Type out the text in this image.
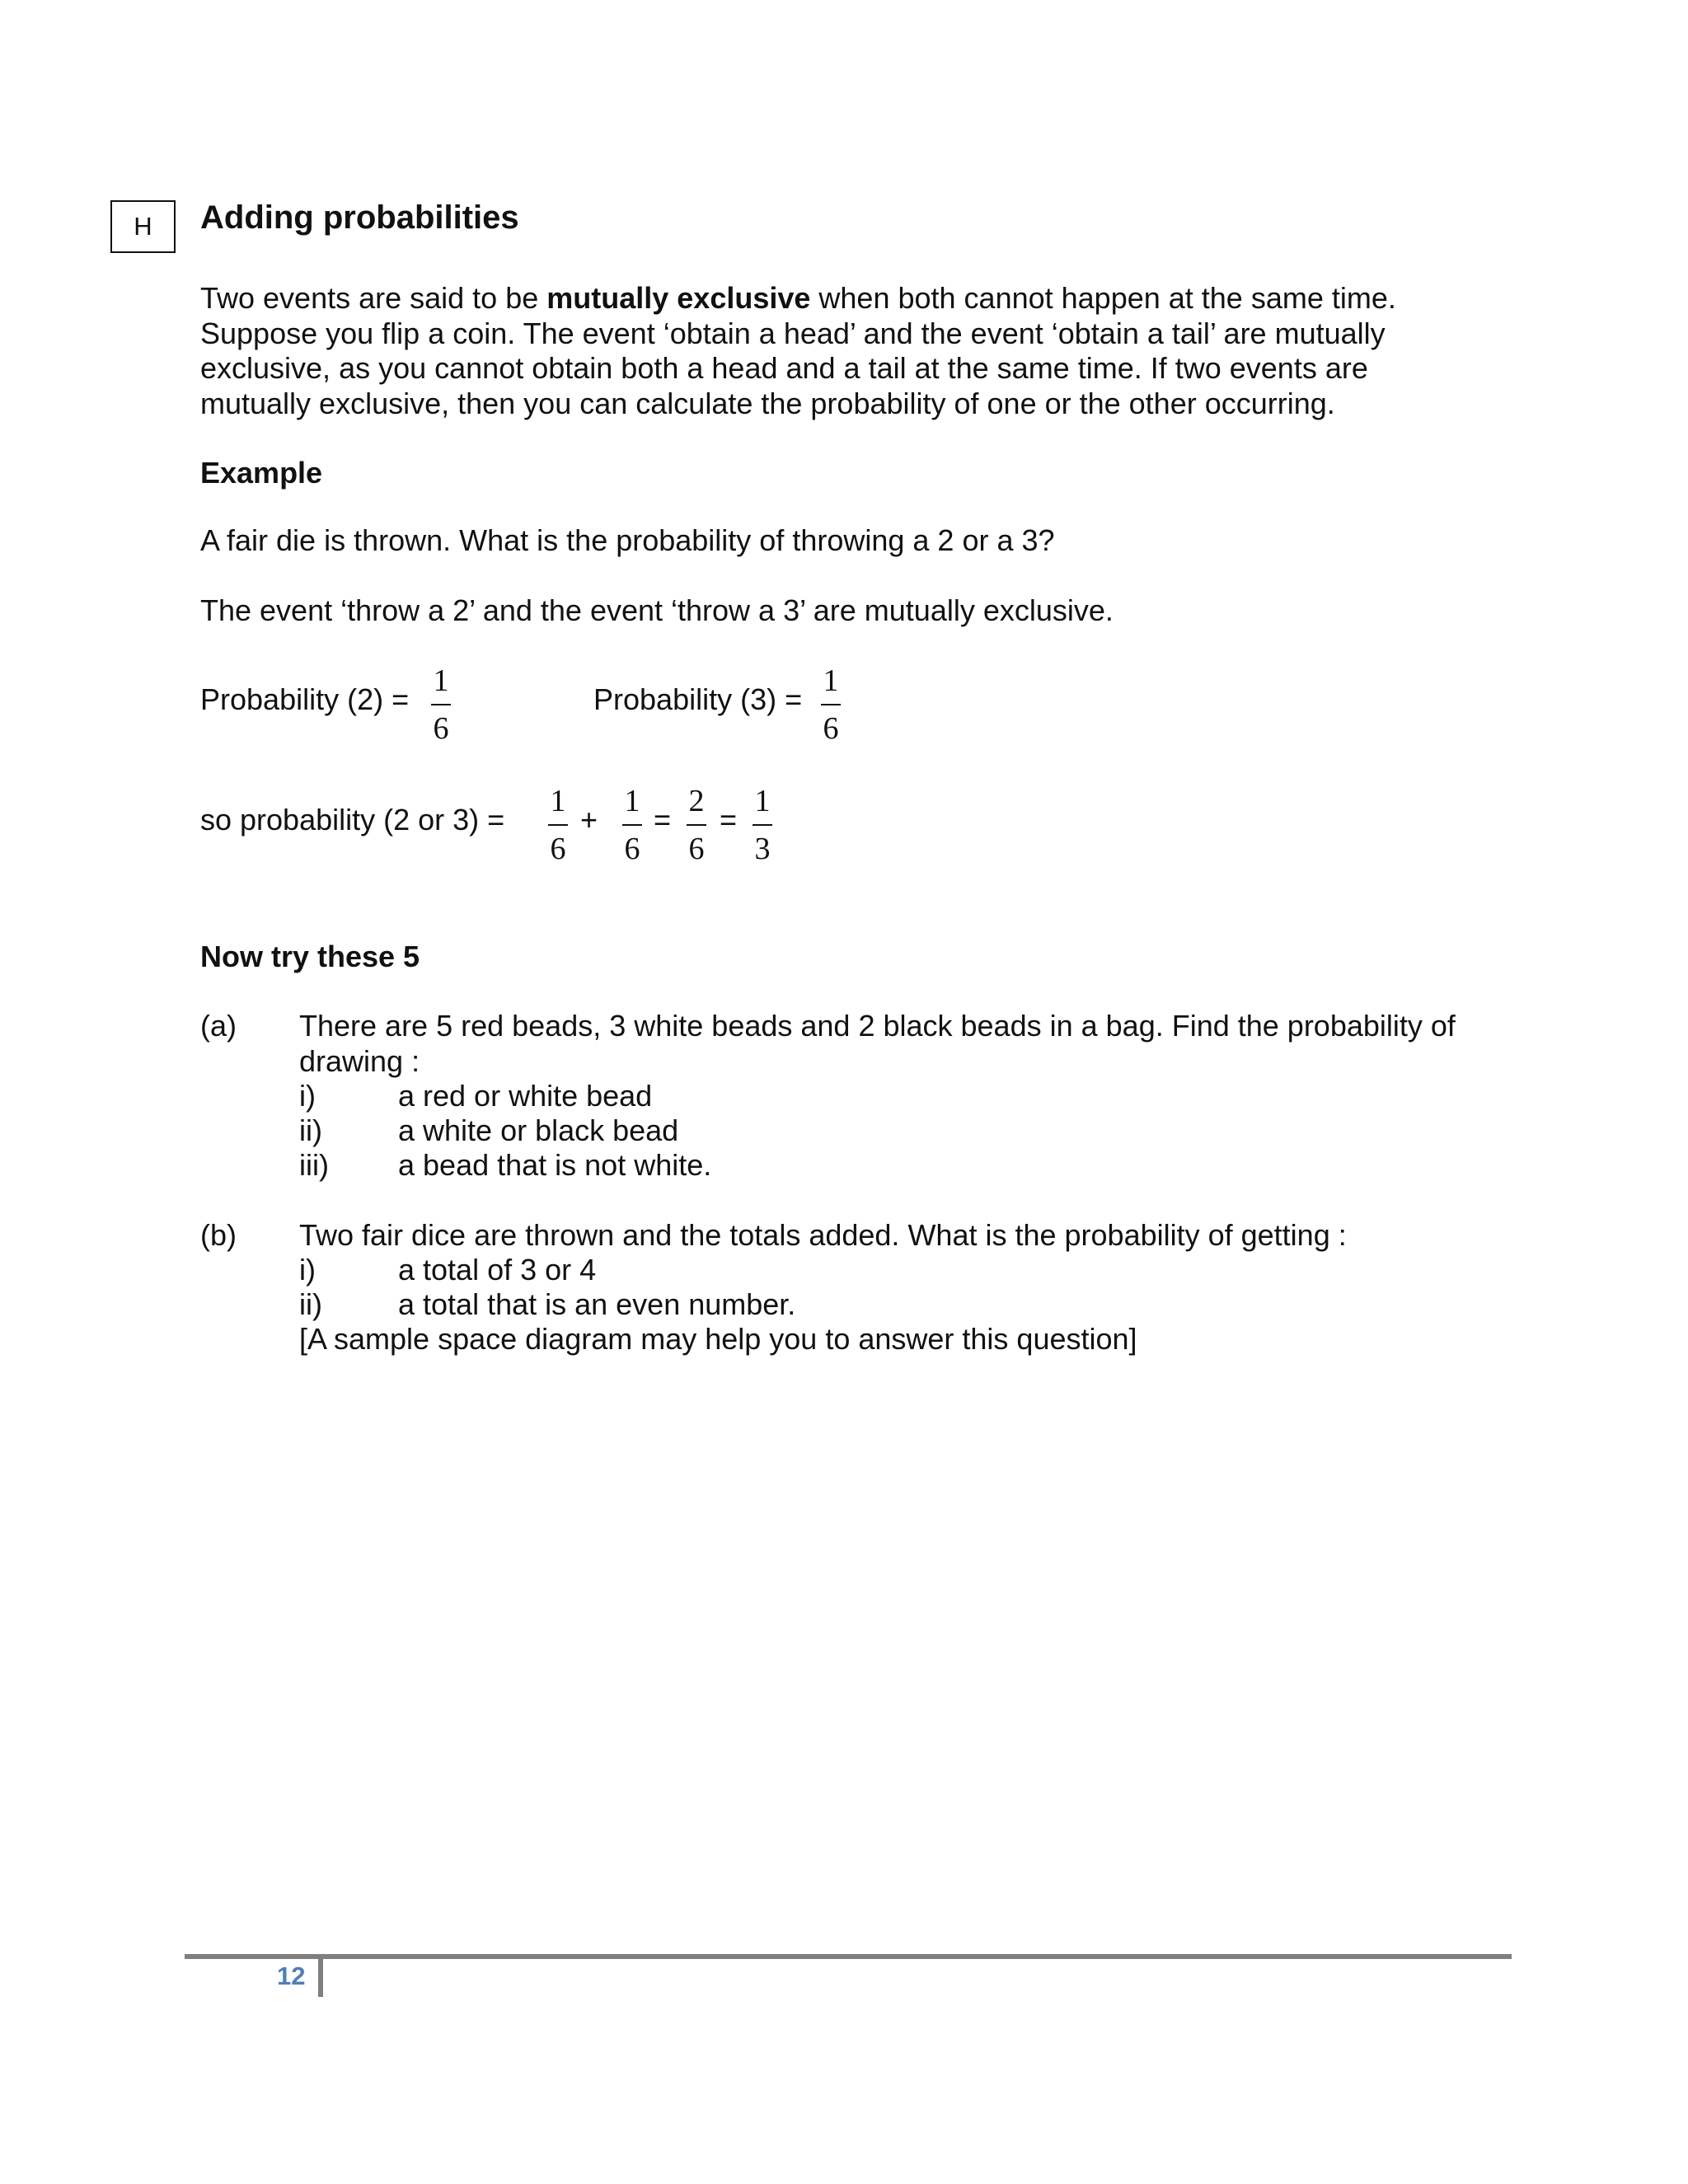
H Adding probabilities

Two events are said to be mutually exclusive when both cannot happen at the same time. Suppose you flip a coin. The event ‘obtain a head’ and the event ‘obtain a tail’ are mutually exclusive, as you cannot obtain both a head and a tail at the same time. If two events are mutually exclusive, then you can calculate the probability of one or the other occurring.

Example

A fair die is thrown. What is the probability of throwing a 2 or a 3?

The event ‘throw a 2’ and the event ‘throw a 3’ are mutually exclusive.

Probability (2) =

1
6

Probability (3) =

1
6

so probability (2 or 3) =

1
6
+
1
6
=
2
6
=
1
3

Now try these 5

(a) There are 5 red beads, 3 white beads and 2 black beads in a bag. Find the probability of drawing :
i)	a red or white bead
ii)	a white or black bead
iii) a bead that is not white.
(b) Two fair dice are thrown and the totals added. What is the probability of getting :
i)	a total of 3 or 4
ii)	a total that is an even number.
[A sample space diagram may help you to answer this question]
12
